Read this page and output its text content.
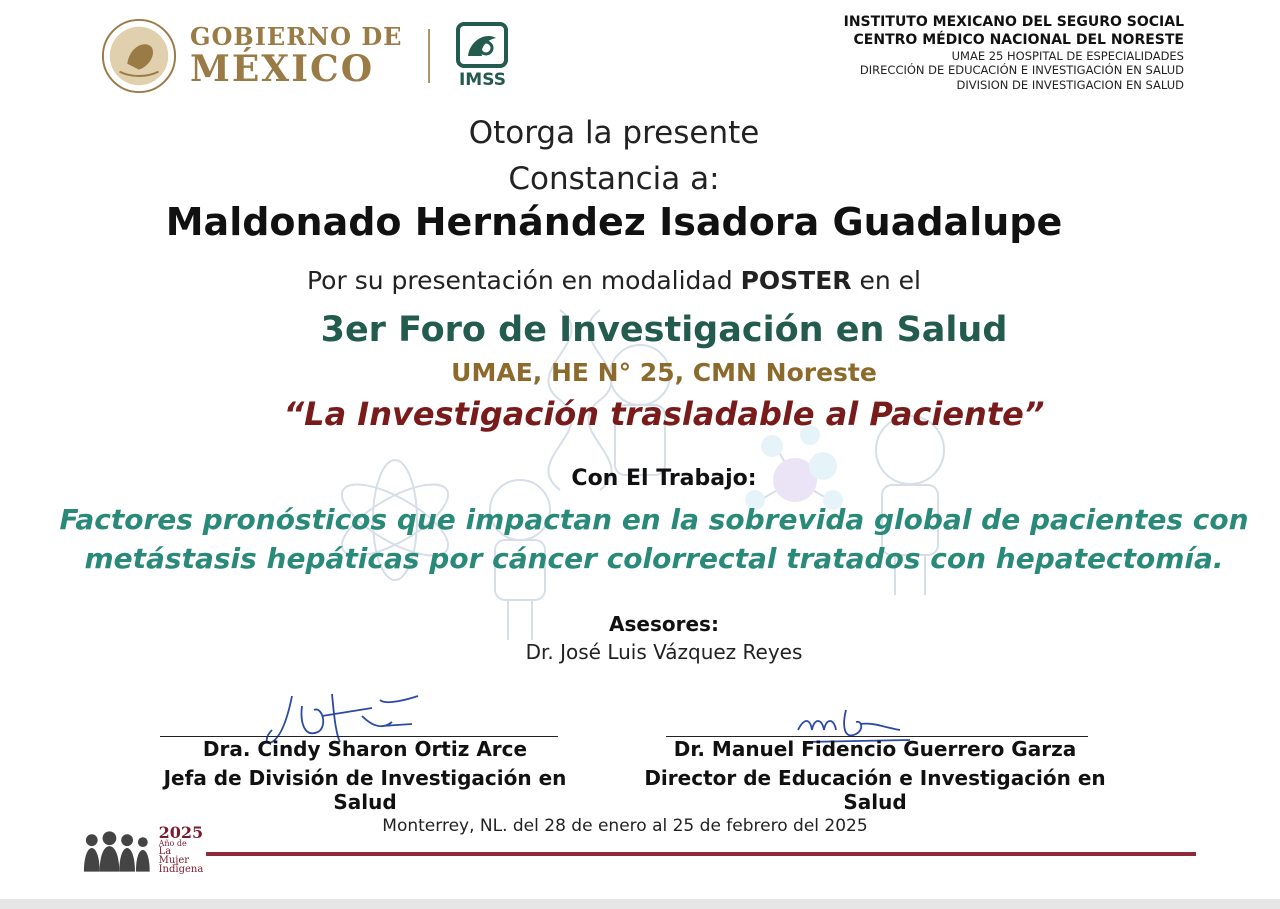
GOBIERNO DE
MÉXICO	IMSS
INSTITUTO MEXICANO DEL SEGURO SOCIAL
CENTRO MÉDICO NACIONAL DEL NORESTE
UMAE 25 HOSPITAL DE ESPECIALIDADES
DIRECCIÓN DE EDUCACIÓN E INVESTIGACIÓN EN SALUD
DIVISION DE INVESTIGACION EN SALUD
Otorga la presente
Constancia a:
Maldonado Hernández Isadora Guadalupe
Por su presentación en modalidad POSTER en el
3er Foro de Investigación en Salud
UMAE, HE N° 25, CMN Noreste
“La Investigación trasladable al Paciente”
Con El Trabajo:
Factores pronósticos que impactan en la sobrevida global de pacientes con
metástasis hepáticas por cáncer colorrectal tratados con hepatectomía.
Asesores:
Dr. José Luis Vázquez Reyes
Dra. Cindy Sharon Ortiz Arce
Jefa de División de Investigación en Salud
Dr. Manuel Fidencio Guerrero Garza
Director de Educación e Investigación en Salud
Monterrey, NL. del 28 de enero al 25 de febrero del 2025
2025
Año de
La Mujer
Indígena
